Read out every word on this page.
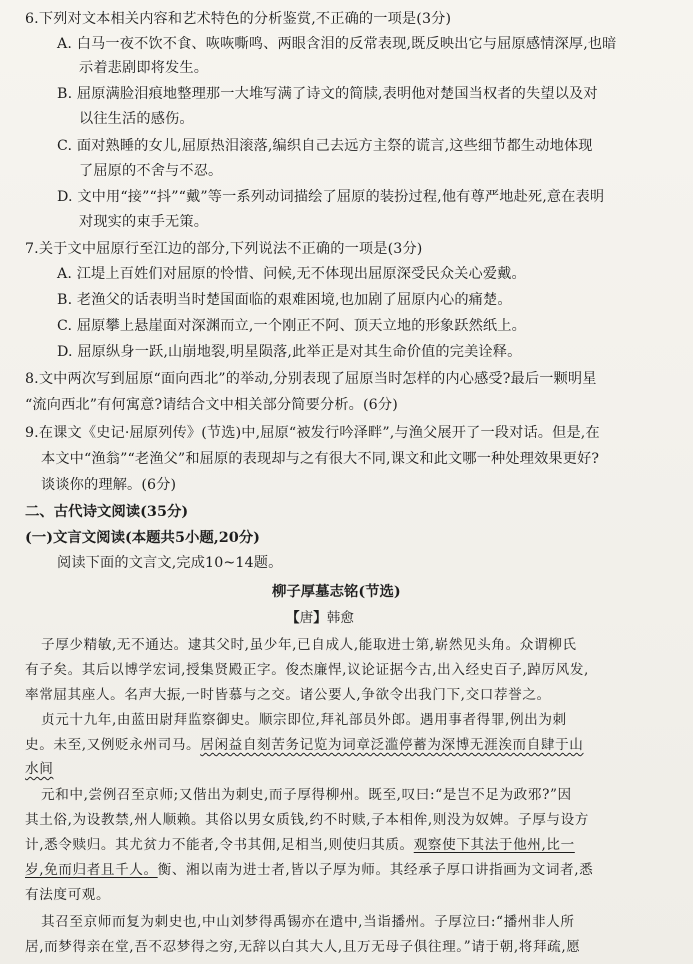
6.下列对文本相关内容和艺术特色的分析鉴赏,不正确的一项是(3分)
A. 白马一夜不饮不食、咴咴嘶鸣、两眼含泪的反常表现,既反映出它与屈原感情深厚,也暗
示着悲剧即将发生。
B. 屈原满脸泪痕地整理那一大堆写满了诗文的简牍,表明他对楚国当权者的失望以及对
以往生活的感伤。
C. 面对熟睡的女儿,屈原热泪滚落,编织自己去远方主祭的谎言,这些细节都生动地体现
了屈原的不舍与不忍。
D. 文中用“接”“抖”“戴”等一系列动词描绘了屈原的装扮过程,他有尊严地赴死,意在表明
对现实的束手无策。
7.关于文中屈原行至江边的部分,下列说法不正确的一项是(3分)
A. 江堤上百姓们对屈原的怜惜、问候,无不体现出屈原深受民众关心爱戴。
B. 老渔父的话表明当时楚国面临的艰难困境,也加剧了屈原内心的痛楚。
C. 屈原攀上悬崖面对深渊而立,一个刚正不阿、顶天立地的形象跃然纸上。
D. 屈原纵身一跃,山崩地裂,明星陨落,此举正是对其生命价值的完美诠释。
8.文中两次写到屈原“面向西北”的举动,分别表现了屈原当时怎样的内心感受?最后一颗明星
“流向西北”有何寓意?请结合文中相关部分简要分析。(6分)
9.在课文《史记·屈原列传》(节选)中,屈原“被发行吟泽畔”,与渔父展开了一段对话。但是,在
本文中“渔翁”“老渔父”和屈原的表现却与之有很大不同,课文和此文哪一种处理效果更好?
谈谈你的理解。(6分)
二、古代诗文阅读(35分)
(一)文言文阅读(本题共5小题,20分)
阅读下面的文言文,完成10~14题。
柳子厚墓志铭(节选)
【唐】韩愈
子厚少精敏,无不通达。逮其父时,虽少年,已自成人,能取进士第,崭然见头角。众谓柳氏
有子矣。其后以博学宏词,授集贤殿正字。俊杰廉悍,议论证据今古,出入经史百子,踔厉风发,
率常屈其座人。名声大振,一时皆慕与之交。诸公要人,争欲令出我门下,交口荐誉之。
贞元十九年,由蓝田尉拜监察御史。顺宗即位,拜礼部员外郎。遇用事者得罪,例出为刺
史。未至,又例贬永州司马。居闲益自刻苦务记览为词章泛滥停蓄为深博无涯涘而自肆于山
水间
元和中,尝例召至京师;又偕出为刺史,而子厚得柳州。既至,叹曰:“是岂不足为政邪?”因
其土俗,为设教禁,州人顺赖。其俗以男女质钱,约不时赎,子本相侔,则没为奴婢。子厚与设方
计,悉令赎归。其尤贫力不能者,令书其佣,足相当,则使归其质。观察使下其法于他州,比一
岁,免而归者且千人。衡、湘以南为进士者,皆以子厚为师。其经承子厚口讲指画为文词者,悉
有法度可观。
其召至京师而复为刺史也,中山刘梦得禹锡亦在遣中,当诣播州。子厚泣曰:“播州非人所
居,而梦得亲在堂,吾不忍梦得之穷,无辞以白其大人,且万无母子俱往理。”请于朝,将拜疏,愿
